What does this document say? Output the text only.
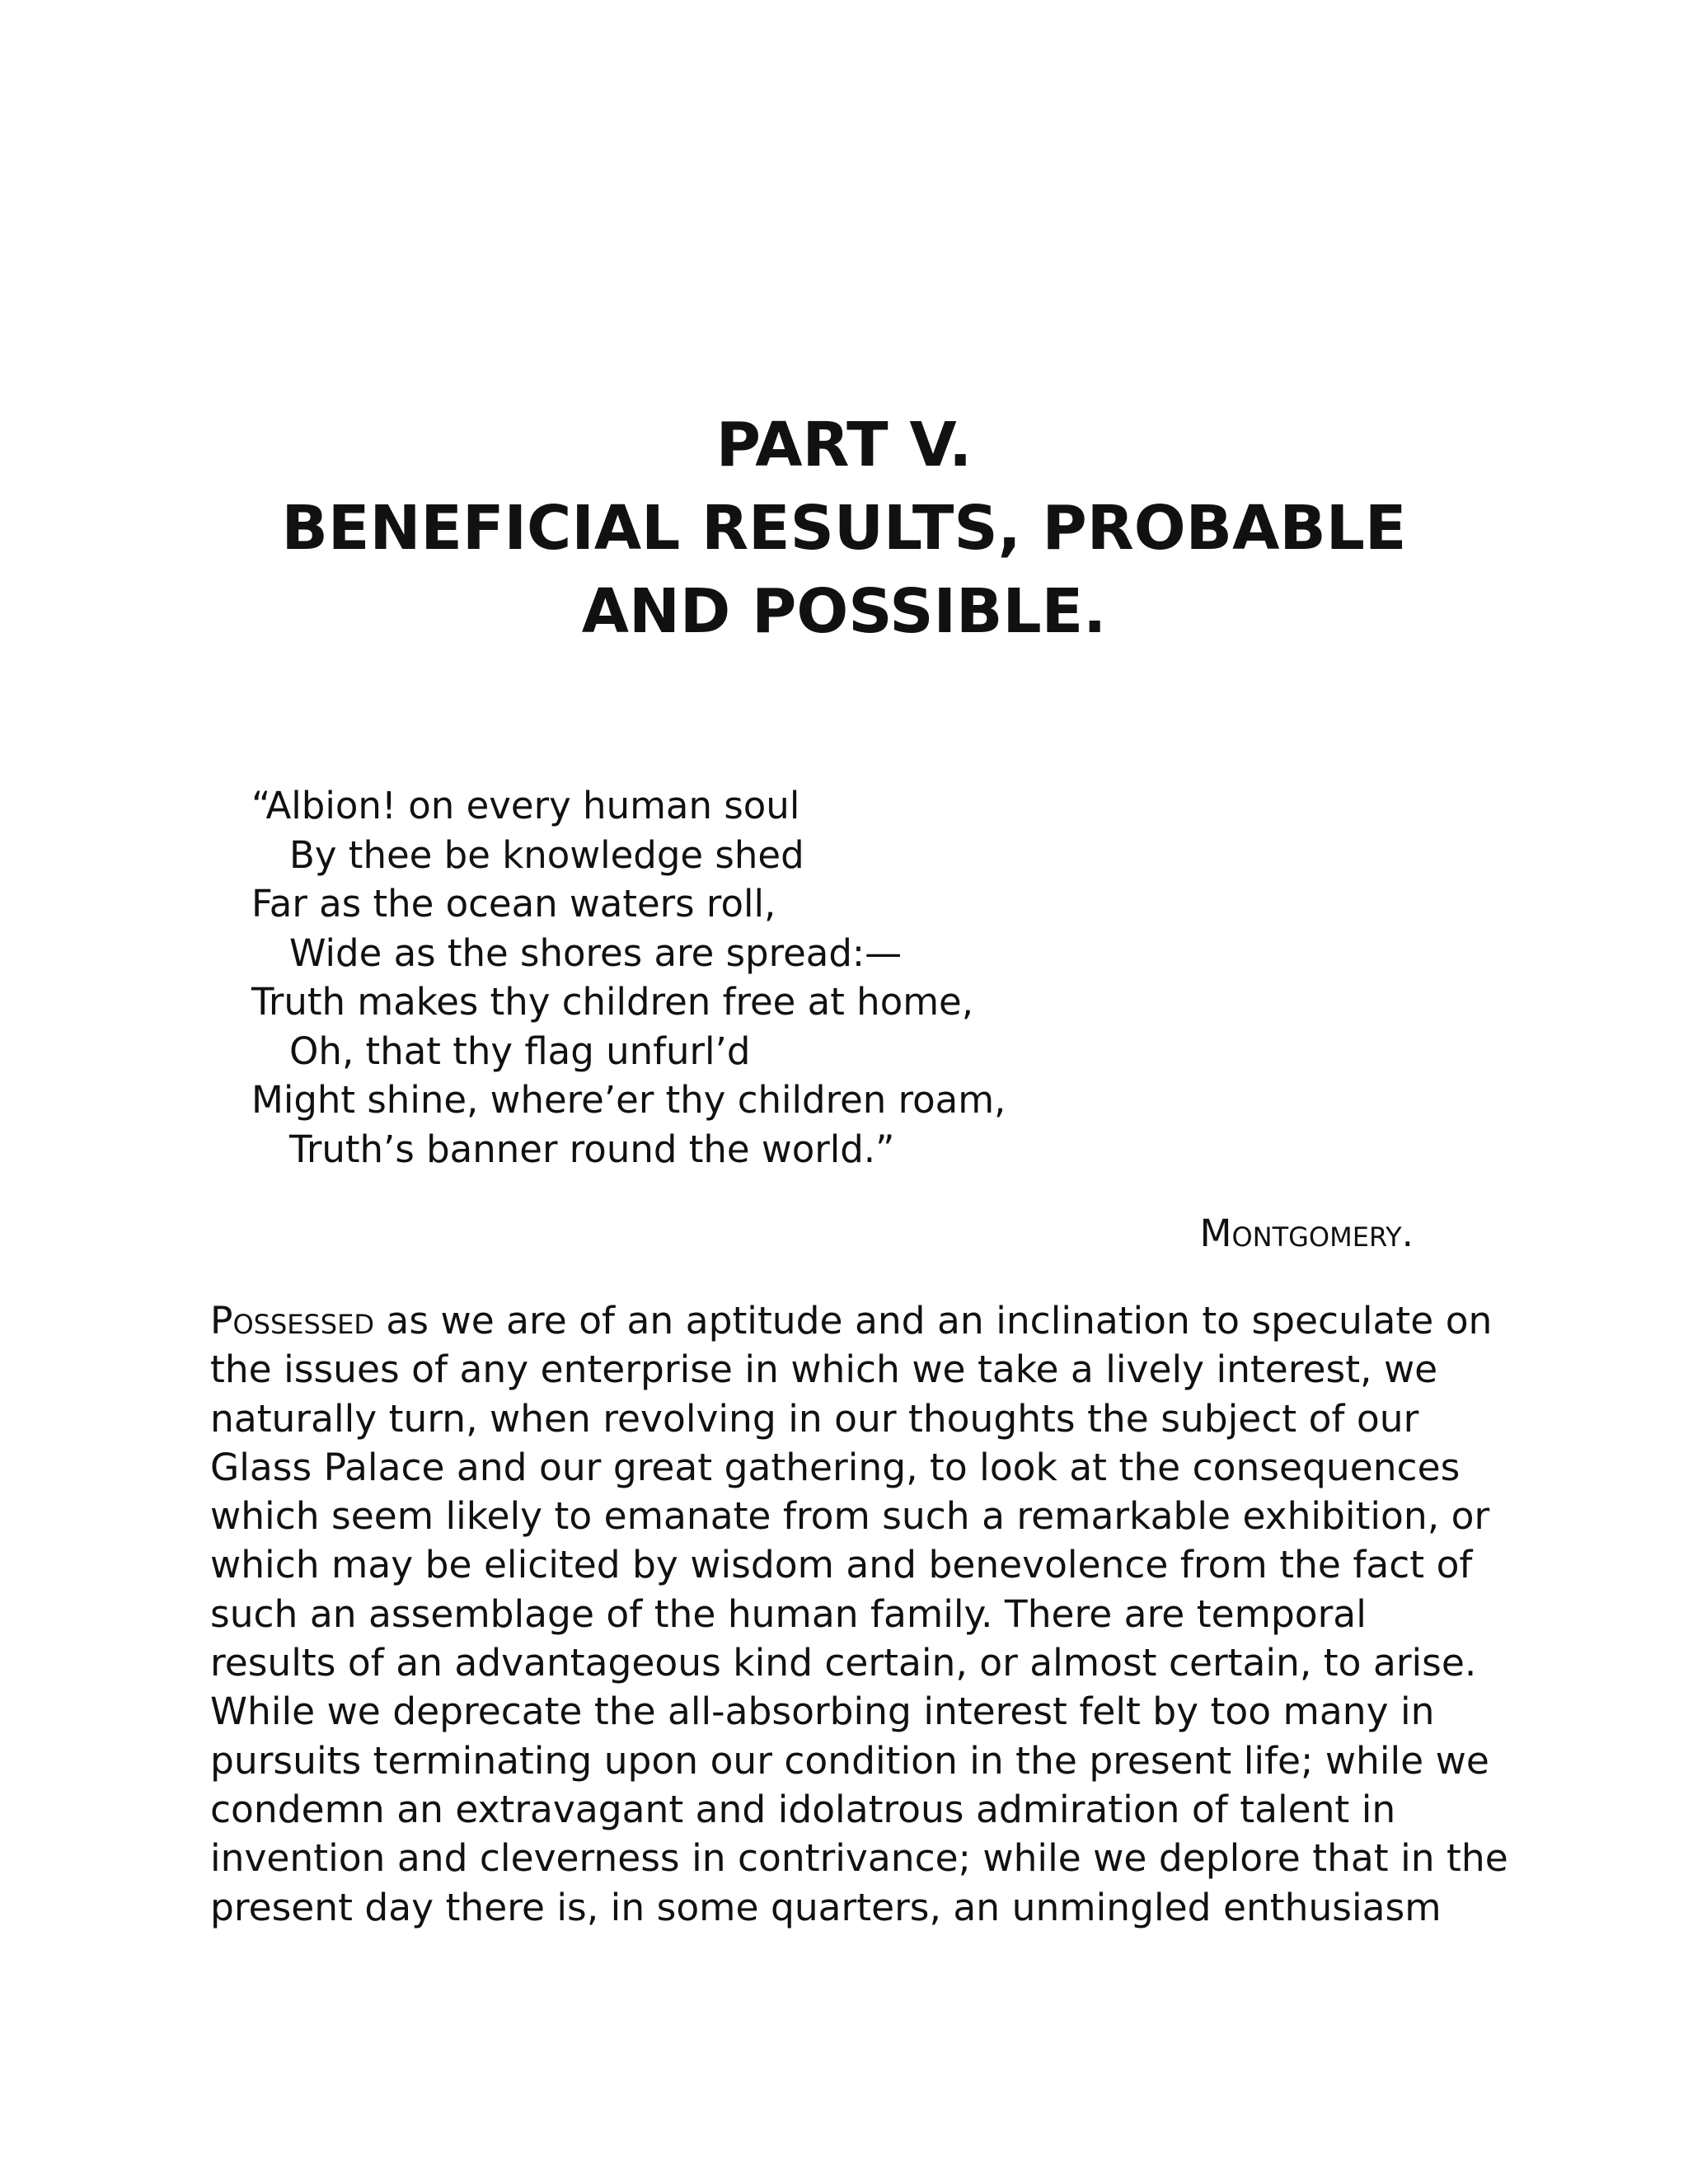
PART V.
BENEFICIAL RESULTS, PROBABLE
AND POSSIBLE.
“Albion! on every human soul
By thee be knowledge shed
Far as the ocean waters roll,
Wide as the shores are spread:—
Truth makes thy children free at home,
Oh, that thy flag unfurl’d
Might shine, where’er thy children roam,
Truth’s banner round the world.”
Montgomery.
Possessed as we are of an aptitude and an inclination to speculate on
the issues of any enterprise in which we take a lively interest, we
naturally turn, when revolving in our thoughts the subject of our
Glass Palace and our great gathering, to look at the consequences
which seem likely to emanate from such a remarkable exhibition, or
which may be elicited by wisdom and benevolence from the fact of
such an assemblage of the human family. There are temporal
results of an advantageous kind certain, or almost certain, to arise.
While we deprecate the all-absorbing interest felt by too many in
pursuits terminating upon our condition in the present life; while we
condemn an extravagant and idolatrous admiration of talent in
invention and cleverness in contrivance; while we deplore that in the
present day there is, in some quarters, an unmingled enthusiasm
